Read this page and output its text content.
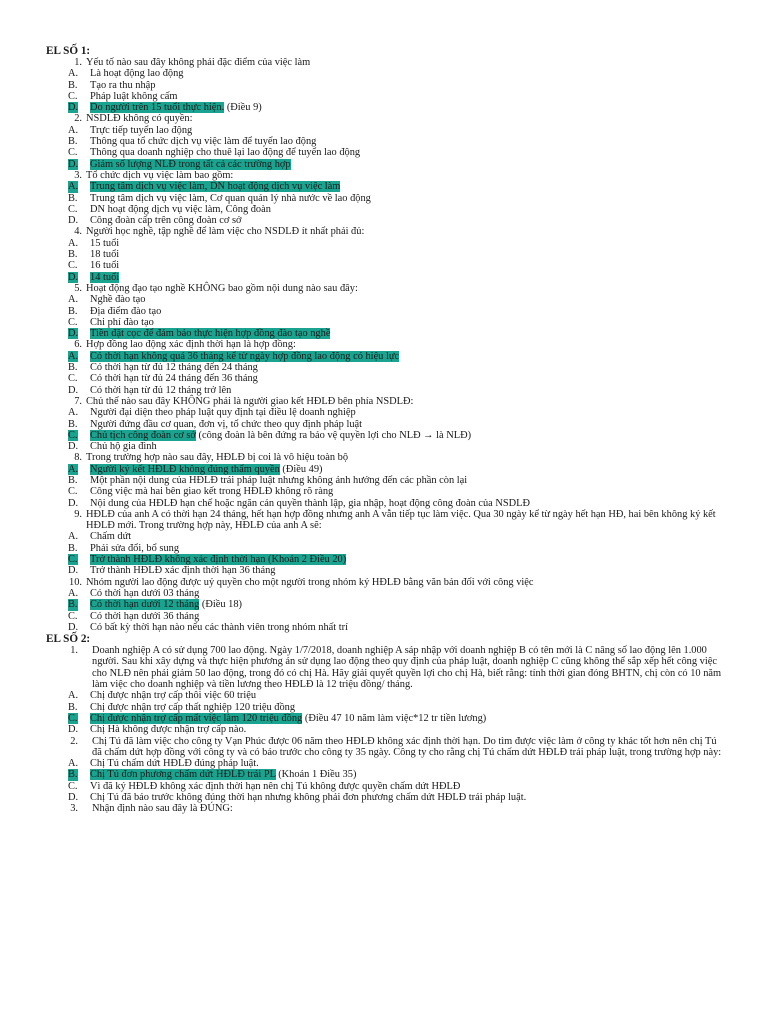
EL SỐ 1:
1. Yếu tố nào sau đây không phải đặc điểm của việc làm
A. Là hoạt động lao động
B. Tạo ra thu nhập
C. Pháp luật không cấm
D. Do người trên 15 tuổi thực hiện. (Điều 9)
2. NSDLĐ không có quyền:
A. Trực tiếp tuyển lao động
B. Thông qua tổ chức dịch vụ việc làm để tuyển lao động
C. Thông qua doanh nghiệp cho thuê lại lao động để tuyển lao động
D. Giảm số lượng NLĐ trong tất cả các trường hợp
3. Tổ chức dịch vụ việc làm bao gồm:
A. Trung tâm dịch vụ việc làm, DN hoạt động dịch vụ việc làm
B. Trung tâm dịch vụ việc làm, Cơ quan quản lý nhà nước về lao động
C. DN hoạt động dịch vụ việc làm, Công đoàn
D. Công đoàn cấp trên công đoàn cơ sở
4. Người học nghề, tập nghề để làm việc cho NSDLĐ ít nhất phải đủ:
A. 15 tuổi
B. 18 tuổi
C. 16 tuổi
D. 14 tuổi
5. Hoạt động đạo tạo nghề KHÔNG bao gồm nội dung nào sau đây:
A. Nghề đào tạo
B. Địa điểm đào tạo
C. Chi phí đào tạo
D. Tiền đặt cọc để đảm bảo thực hiện hợp đồng đào tạo nghề
6. Hợp đồng lao động xác định thời hạn là hợp đồng:
A. Có thời hạn không quá 36 tháng kể từ ngày hợp đồng lao động có hiệu lực
B. Có thời hạn từ đủ 12 tháng đến 24 tháng
C. Có thời hạn từ đủ 24 tháng đến 36 tháng
D. Có thời hạn từ đủ 12 tháng trở lên
7. Chủ thể nào sau đây KHÔNG phải là người giao kết HĐLĐ bên phía NSDLĐ:
A. Người đại diện theo pháp luật quy định tại điều lệ doanh nghiệp
B. Người đứng đầu cơ quan, đơn vị, tổ chức theo quy định pháp luật
C. Chủ tịch công đoàn cơ sở (công đoàn là bên đứng ra bảo vệ quyền lợi cho NLĐ → là NLĐ)
D. Chủ hộ gia đình
8. Trong trường hợp nào sau đây, HĐLĐ bị coi là vô hiệu toàn bộ
A. Người ký kết HĐLĐ không đúng thẩm quyền (Điều 49)
B. Một phần nội dung của HĐLĐ trái pháp luật nhưng không ảnh hưởng đến các phần còn lại
C. Công việc mà hai bên giao kết trong HĐLĐ không rõ ràng
D. Nội dung của HĐLĐ hạn chế hoặc ngăn cản quyền thành lập, gia nhập, hoạt động công đoàn của NSDLĐ
9. HĐLĐ của anh A có thời hạn 24 tháng, hết hạn hợp đồng nhưng anh A vẫn tiếp tục làm việc. Qua 30 ngày kể từ ngày hết hạn HĐ, hai bên không ký kết HĐLĐ mới. Trong trường hợp này, HĐLĐ của anh A sẽ:
A. Chấm dứt
B. Phải sửa đổi, bổ sung
C. Trở thành HĐLĐ không xác định thời hạn (Khoản 2 Điều 20)
D. Trở thành HĐLĐ xác định thời hạn 36 tháng
10. Nhóm người lao động được uỷ quyền cho một người trong nhóm ký HĐLĐ bằng văn bản đối với công việc
A. Có thời hạn dưới 03 tháng
B. Có thời hạn dưới 12 tháng (Điều 18)
C. Có thời hạn dưới 36 tháng
D. Có bất kỳ thời hạn nào nếu các thành viên trong nhóm nhất trí
EL SỐ 2:
1. Doanh nghiệp A có sử dụng 700 lao động. Ngày 1/7/2018, doanh nghiệp A sáp nhập với doanh nghiệp B có tên mới là C nâng số lao động lên 1.000 người. Sau khi xây dựng và thực hiện phương án sử dụng lao động theo quy định của pháp luật, doanh nghiệp C cũng không thể sắp xếp hết công việc cho NLĐ nên phải giảm 50 lao động, trong đó có chị Hà. Hãy giải quyết quyền lợi cho chị Hà, biết rằng: tính thời gian đóng BHTN, chị còn có 10 năm làm việc cho doanh nghiệp và tiền lương theo HĐLĐ là 12 triệu đồng/ tháng.
A. Chị được nhận trợ cấp thôi việc 60 triệu
B. Chị được nhận trợ cấp thất nghiệp 120 triệu đồng
C. Chị được nhận trợ cấp mất việc làm 120 triệu đồng (Điều 47 10 năm làm việc*12 tr tiền lương)
D. Chị Hà không được nhận trợ cấp nào.
2. Chị Tú đã làm việc cho công ty Vạn Phúc được 06 năm theo HĐLĐ không xác định thời hạn. Do tìm được việc làm ở công ty khác tốt hơn nên chị Tú đã chấm dứt hợp đồng với công ty và có báo trước cho công ty 35 ngày. Công ty cho rằng chị Tú chấm dứt HĐLĐ trái pháp luật, trong trường hợp này:
A. Chị Tú chấm dứt HĐLĐ đúng pháp luật.
B. Chị Tú đơn phương chấm dứt HĐLĐ trái PL (Khoản 1 Điều 35)
C. Vì đã ký HĐLĐ không xác định thời hạn nên chị Tú không được quyền chấm dứt HĐLĐ
D. Chị Tú đã báo trước không đúng thời hạn nhưng không phải đơn phương chấm dứt HĐLĐ trái pháp luật.
3. Nhận định nào sau đây là ĐÚNG:
